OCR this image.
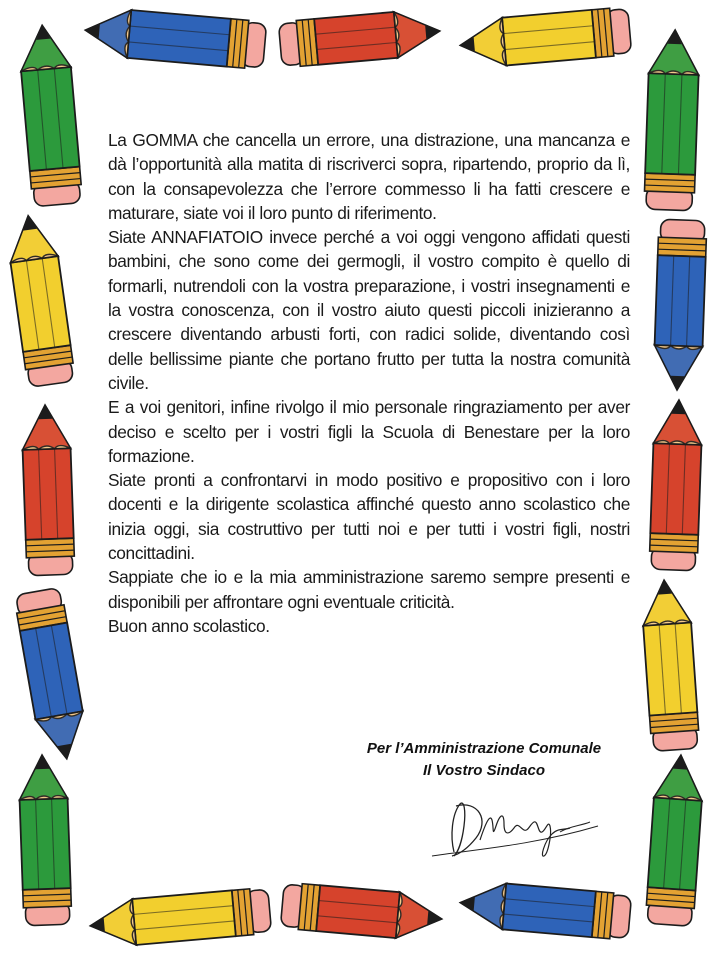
La GOMMA che cancella un errore, una distrazione, una mancanza e dà l’opportunità alla matita di riscriverci sopra, ripartendo, proprio da lì, con la consapevolezza che l’errore commesso li ha fatti crescere e maturare, siate voi il loro punto di riferimento.

Siate ANNAFIATOIO invece perché a voi oggi vengono affidati questi bambini, che sono come dei germogli, il vostro compito è quello di formarli, nutrendoli con la vostra preparazione, i vostri insegnamenti e la vostra conoscenza, con il vostro aiuto questi piccoli inizieranno a crescere diventando arbusti forti, con radici solide, diventando così delle bellissime piante che portano frutto per tutta la nostra comunità civile.

E a voi genitori, infine rivolgo il mio personale ringraziamento per aver deciso e scelto per i vostri figli la Scuola di Benestare per la loro formazione.

Siate pronti a confrontarvi in modo positivo e propositivo con i loro docenti e la dirigente scolastica affinché questo anno scolastico che inizia oggi, sia costruttivo per tutti noi e per tutti i vostri figli, nostri concittadini.

Sappiate che io e la mia amministrazione saremo sempre presenti e disponibili per affrontare ogni eventuale criticità.

Buon anno scolastico.

Per l’Amministrazione Comunale
Il Vostro Sindaco
